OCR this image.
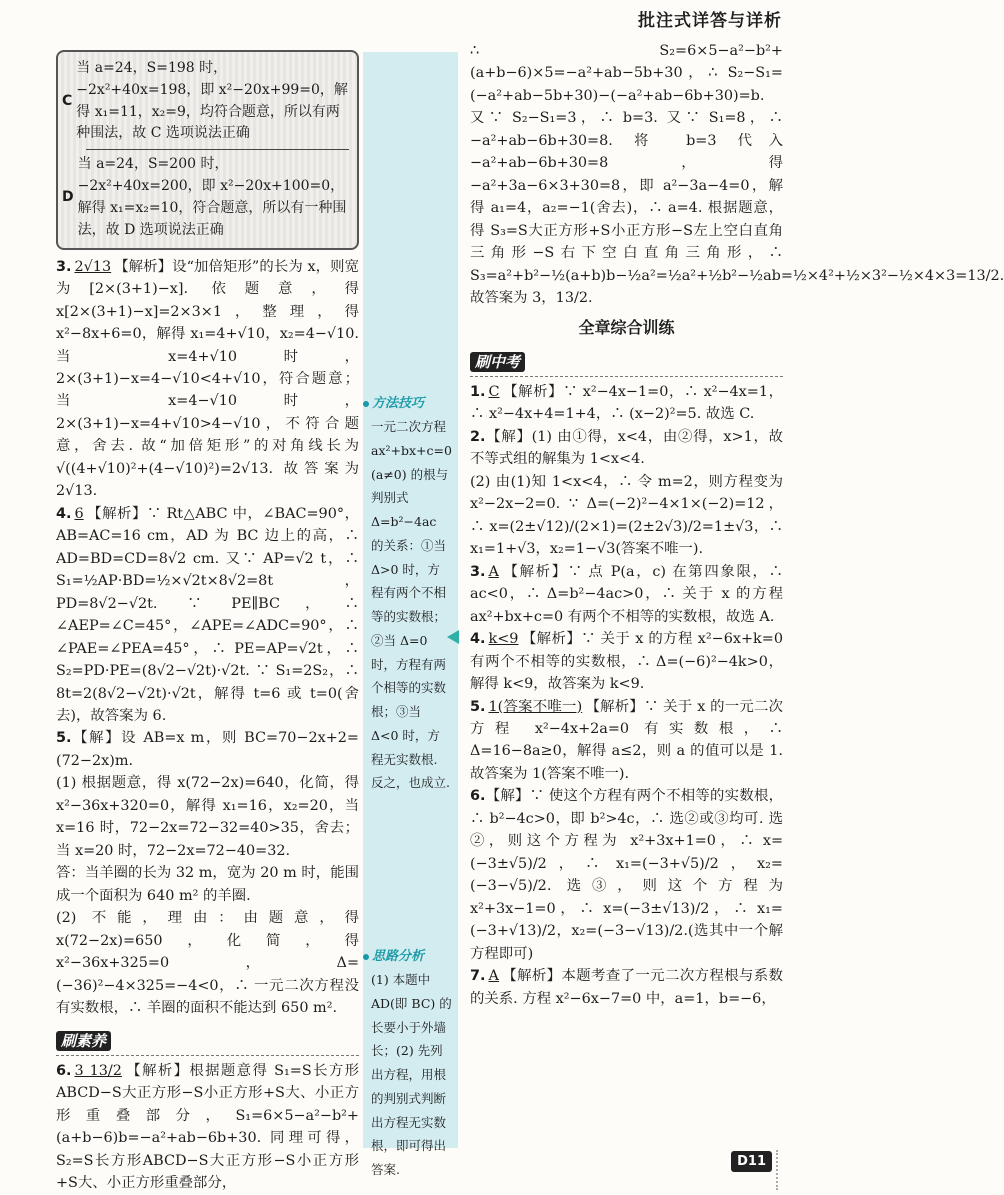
批注式详答与详析
方法技巧

一元二次方程 ax²+bx+c=0 (a≠0) 的根与判别式 Δ=b²−4ac 的关系：①当 Δ>0 时，方程有两个不相等的实数根；②当 Δ=0 时，方程有两个相等的实数根；③当 Δ<0 时，方程无实数根. 反之，也成立.

思路分析

(1) 本题中 AD(即 BC) 的长要小于外墙长；(2) 先列出方程，用根的判别式判断出方程无实数根，即可得出答案.

C
当 a=24，S=198 时，−2x²+40x=198，即 x²−20x+99=0，解得 x₁=11，x₂=9，均符合题意，所以有两种围法，故 C 选项说法正确
D
当 a=24，S=200 时，−2x²+40x=200，即 x²−20x+100=0，解得 x₁=x₂=10，符合题意，所以有一种围法，故 D 选项说法正确

3. 2√13 【解析】设“加倍矩形”的长为 x，则宽为[2×(3+1)−x]. 依题意，得 x[2×(3+1)−x]=2×3×1，整理，得 x²−8x+6=0，解得 x₁=4+√10，x₂=4−√10. 当 x=4+√10时，2×(3+1)−x=4−√10<4+√10，符合题意；当 x=4−√10时，2×(3+1)−x=4+√10>4−√10，不符合题意，舍去. 故“加倍矩形”的对角线长为 √((4+√10)²+(4−√10)²)=2√13. 故答案为 2√13.

4. 6 【解析】∵ Rt△ABC 中，∠BAC=90°，AB=AC=16 cm，AD 为 BC 边上的高，∴ AD=BD=CD=8√2 cm. 又∵ AP=√2 t，∴ S₁=½AP·BD=½×√2t×8√2=8t，PD=8√2−√2t. ∵ PE∥BC，∴ ∠AEP=∠C=45°，∠APE=∠ADC=90°，∴ ∠PAE=∠PEA=45°，∴ PE=AP=√2t，∴ S₂=PD·PE=(8√2−√2t)·√2t. ∵ S₁=2S₂，∴ 8t=2(8√2−√2t)·√2t，解得 t=6 或 t=0(舍去)，故答案为 6.

5.【解】设 AB=x m，则 BC=70−2x+2=(72−2x)m.

(1) 根据题意，得 x(72−2x)=640，化简，得 x²−36x+320=0，解得 x₁=16，x₂=20，当 x=16 时，72−2x=72−32=40>35，舍去；当 x=20 时，72−2x=72−40=32.

答：当羊圈的长为 32 m，宽为 20 m 时，能围成一个面积为 640 m² 的羊圈.

(2) 不能，理由：由题意，得 x(72−2x)=650，化简，得 x²−36x+325=0，Δ=(−36)²−4×325=−4<0，∴ 一元二次方程没有实数根，∴ 羊圈的面积不能达到 650 m².

刷素养

6. 3 13/2 【解析】根据题意得 S₁=S长方形ABCD−S大正方形−S小正方形+S大、小正方形重叠部分，S₁=6×5−a²−b²+(a+b−6)b=−a²+ab−6b+30. 同理可得，S₂=S长方形ABCD−S大正方形−S小正方形+S大、小正方形重叠部分，

∴ S₂=6×5−a²−b²+(a+b−6)×5=−a²+ab−5b+30，∴ S₂−S₁=(−a²+ab−5b+30)−(−a²+ab−6b+30)=b. 又∵ S₂−S₁=3，∴ b=3. 又∵ S₁=8，∴ −a²+ab−6b+30=8. 将 b=3 代入 −a²+ab−6b+30=8，得 −a²+3a−6×3+30=8，即 a²−3a−4=0，解得 a₁=4，a₂=−1(舍去)，∴ a=4. 根据题意，得 S₃=S大正方形+S小正方形−S左上空白直角三角形−S右下空白直角三角形，∴ S₃=a²+b²−½(a+b)b−½a²=½a²+½b²−½ab=½×4²+½×3²−½×4×3=13/2. 故答案为 3，13/2.

全章综合训练
刷中考

1. C 【解析】∵ x²−4x−1=0，∴ x²−4x=1，∴ x²−4x+4=1+4，∴ (x−2)²=5. 故选 C.

2.【解】(1) 由①得，x<4，由②得，x>1，故不等式组的解集为 1<x<4.

(2) 由(1)知 1<x<4，∴ 令 m=2，则方程变为 x²−2x−2=0. ∵ Δ=(−2)²−4×1×(−2)=12，∴ x=(2±√12)/(2×1)=(2±2√3)/2=1±√3，∴ x₁=1+√3，x₂=1−√3(答案不唯一).

3. A 【解析】∵ 点 P(a，c) 在第四象限，∴ ac<0，∴ Δ=b²−4ac>0，∴ 关于 x 的方程 ax²+bx+c=0 有两个不相等的实数根，故选 A.

4. k<9 【解析】∵ 关于 x 的方程 x²−6x+k=0 有两个不相等的实数根，∴ Δ=(−6)²−4k>0，解得 k<9，故答案为 k<9.

5. 1(答案不唯一) 【解析】∵ 关于 x 的一元二次方程 x²−4x+2a=0 有实数根，∴ Δ=16−8a≥0，解得 a≤2，则 a 的值可以是 1. 故答案为 1(答案不唯一).

6.【解】∵ 使这个方程有两个不相等的实数根，∴ b²−4c>0，即 b²>4c，∴ 选②或③均可. 选②，则这个方程为 x²+3x+1=0，∴ x=(−3±√5)/2，∴ x₁=(−3+√5)/2，x₂=(−3−√5)/2. 选③，则这个方程为 x²+3x−1=0，∴ x=(−3±√13)/2，∴ x₁=(−3+√13)/2，x₂=(−3−√13)/2.(选其中一个解方程即可)

7. A 【解析】本题考查了一元二次方程根与系数的关系. 方程 x²−6x−7=0 中，a=1，b=−6，

D11
